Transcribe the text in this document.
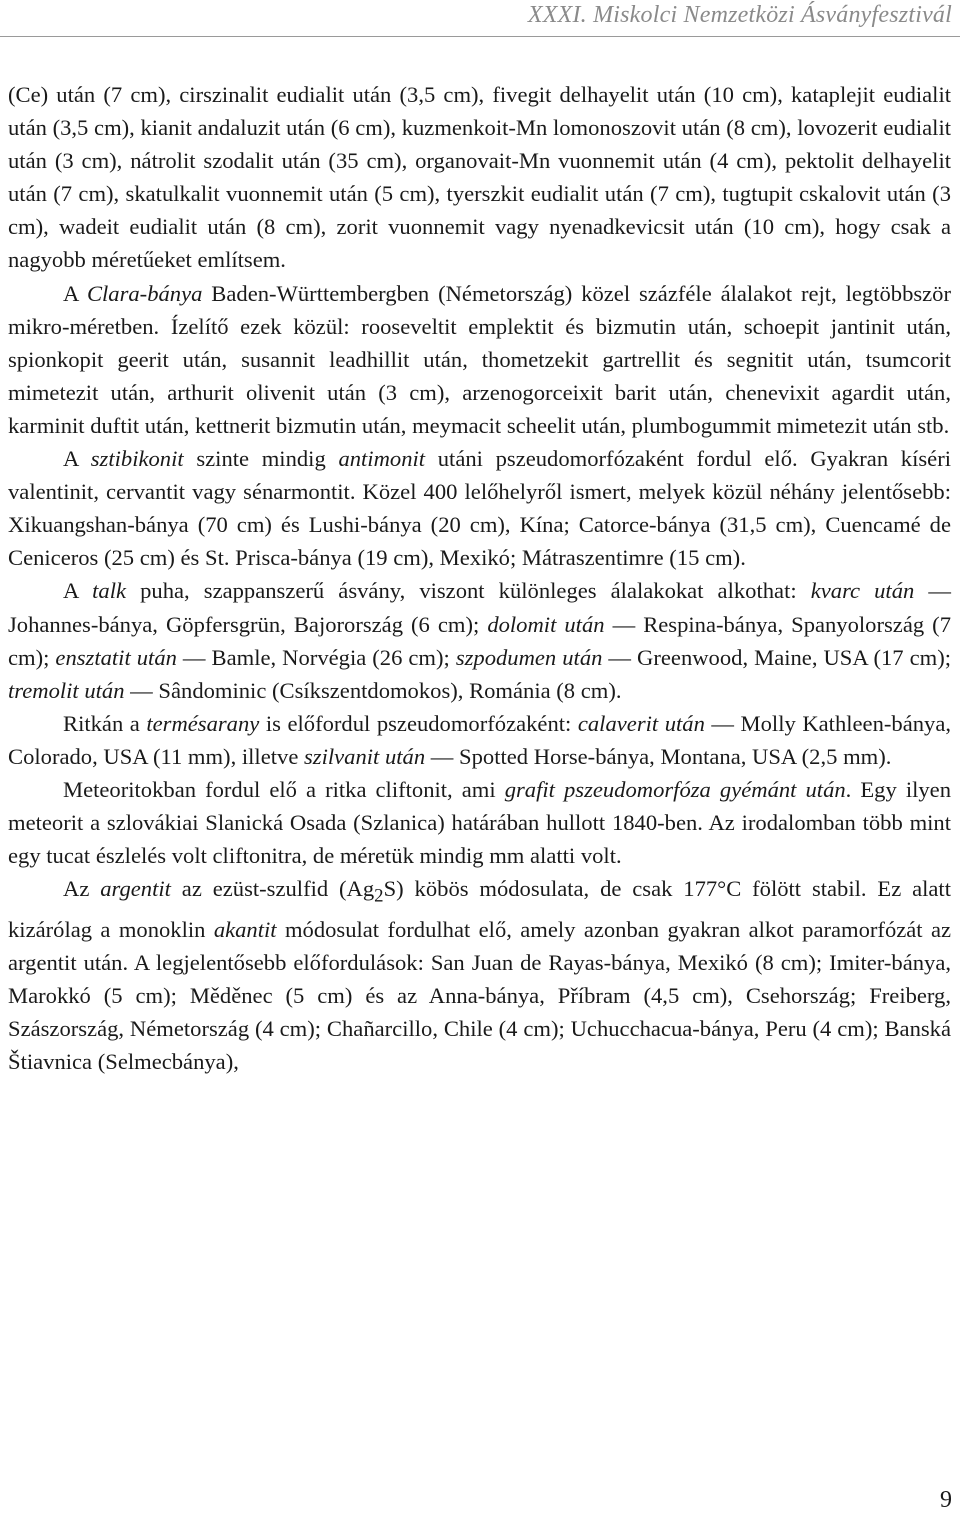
XXXI. Miskolci Nemzetközi Ásványfesztivál

(Ce) után (7 cm), cirszinalit eudialit után (3,5 cm), fivegit delhayelit után (10 cm), kataplejit eudialit után (3,5 cm), kianit andaluzit után (6 cm), kuzmenkoit-Mn lomonoszovit után (8 cm), lovozerit eudialit után (3 cm), nátrolit szodalit után (35 cm), organovait-Mn vuonnemit után (4 cm), pektolit delhayelit után (7 cm), skatulkalit vuonnemit után (5 cm), tyerszkit eudialit után (7 cm), tugtupit cskalovit után (3 cm), wadeit eudialit után (8 cm), zorit vuonnemit vagy nyenadkevicsit után (10 cm), hogy csak a nagyobb méretűeket említsem.

A Clara-bánya Baden-Württembergben (Németország) közel százféle álalakot rejt, legtöbbször mikro-méretben. Ízelítő ezek közül: rooseveltit emplektit és bizmutin után, schoepit jantinit után, spionkopit geerit után, susannit leadhillit után, thometzekit gartrellit és segnitit után, tsumcorit mimetezit után, arthurit olivenit után (3 cm), arzenogorceixit barit után, chenevixit agardit után, karminit duftit után, kettnerit bizmutin után, meymacit scheelit után, plumbogummit mimetezit után stb.

A sztibikonit szinte mindig antimonit utáni pszeudomorfózaként fordul elő. Gyakran kíséri valentinit, cervantit vagy sénarmontit. Közel 400 lelőhelyről ismert, melyek közül néhány jelentősebb: Xikuangshan-bánya (70 cm) és Lushi-bánya (20 cm), Kína; Catorce-bánya (31,5 cm), Cuencamé de Ceniceros (25 cm) és St. Prisca-bánya (19 cm), Mexikó; Mátraszentimre (15 cm).

A talk puha, szappanszerű ásvány, viszont különleges álalakokat alkothat: kvarc után — Johannes-bánya, Göpfersgrün, Bajorország (6 cm); dolomit után — Respina-bánya, Spanyolország (7 cm); ensztatit után — Bamle, Norvégia (26 cm); szpodumen után — Greenwood, Maine, USA (17 cm); tremolit után — Sândominic (Csíkszentdomokos), Románia (8 cm).

Ritkán a termésarany is előfordul pszeudomorfózaként: calaverit után — Molly Kathleen-bánya, Colorado, USA (11 mm), illetve szilvanit után — Spotted Horse-bánya, Montana, USA (2,5 mm).

Meteoritokban fordul elő a ritka cliftonit, ami grafit pszeudomorfóza gyémánt után. Egy ilyen meteorit a szlovákiai Slanická Osada (Szlanica) határában hullott 1840-ben. Az irodalomban több mint egy tucat észlelés volt cliftonitra, de méretük mindig mm alatti volt.

Az argentit az ezüst-szulfid $(Ag_2S)$ köbös módosulata, de csak 177°C fölött stabil. Ez alatt kizárólag a monoklin akantit módosulat fordulhat elő, amely azonban gyakran alkot paramorfózát az argentit után. A legjelentősebb előfordulások: San Juan de Rayas-bánya, Mexikó (8 cm); Imiter-bánya, Marokkó (5 cm); Měděnec (5 cm) és az Anna-bánya, Příbram (4,5 cm), Csehország; Freiberg, Szászország, Németország (4 cm); Chañarcillo, Chile (4 cm); Uchucchacua-bánya, Peru (4 cm); Banská Štiavnica (Selmecbánya),

9
